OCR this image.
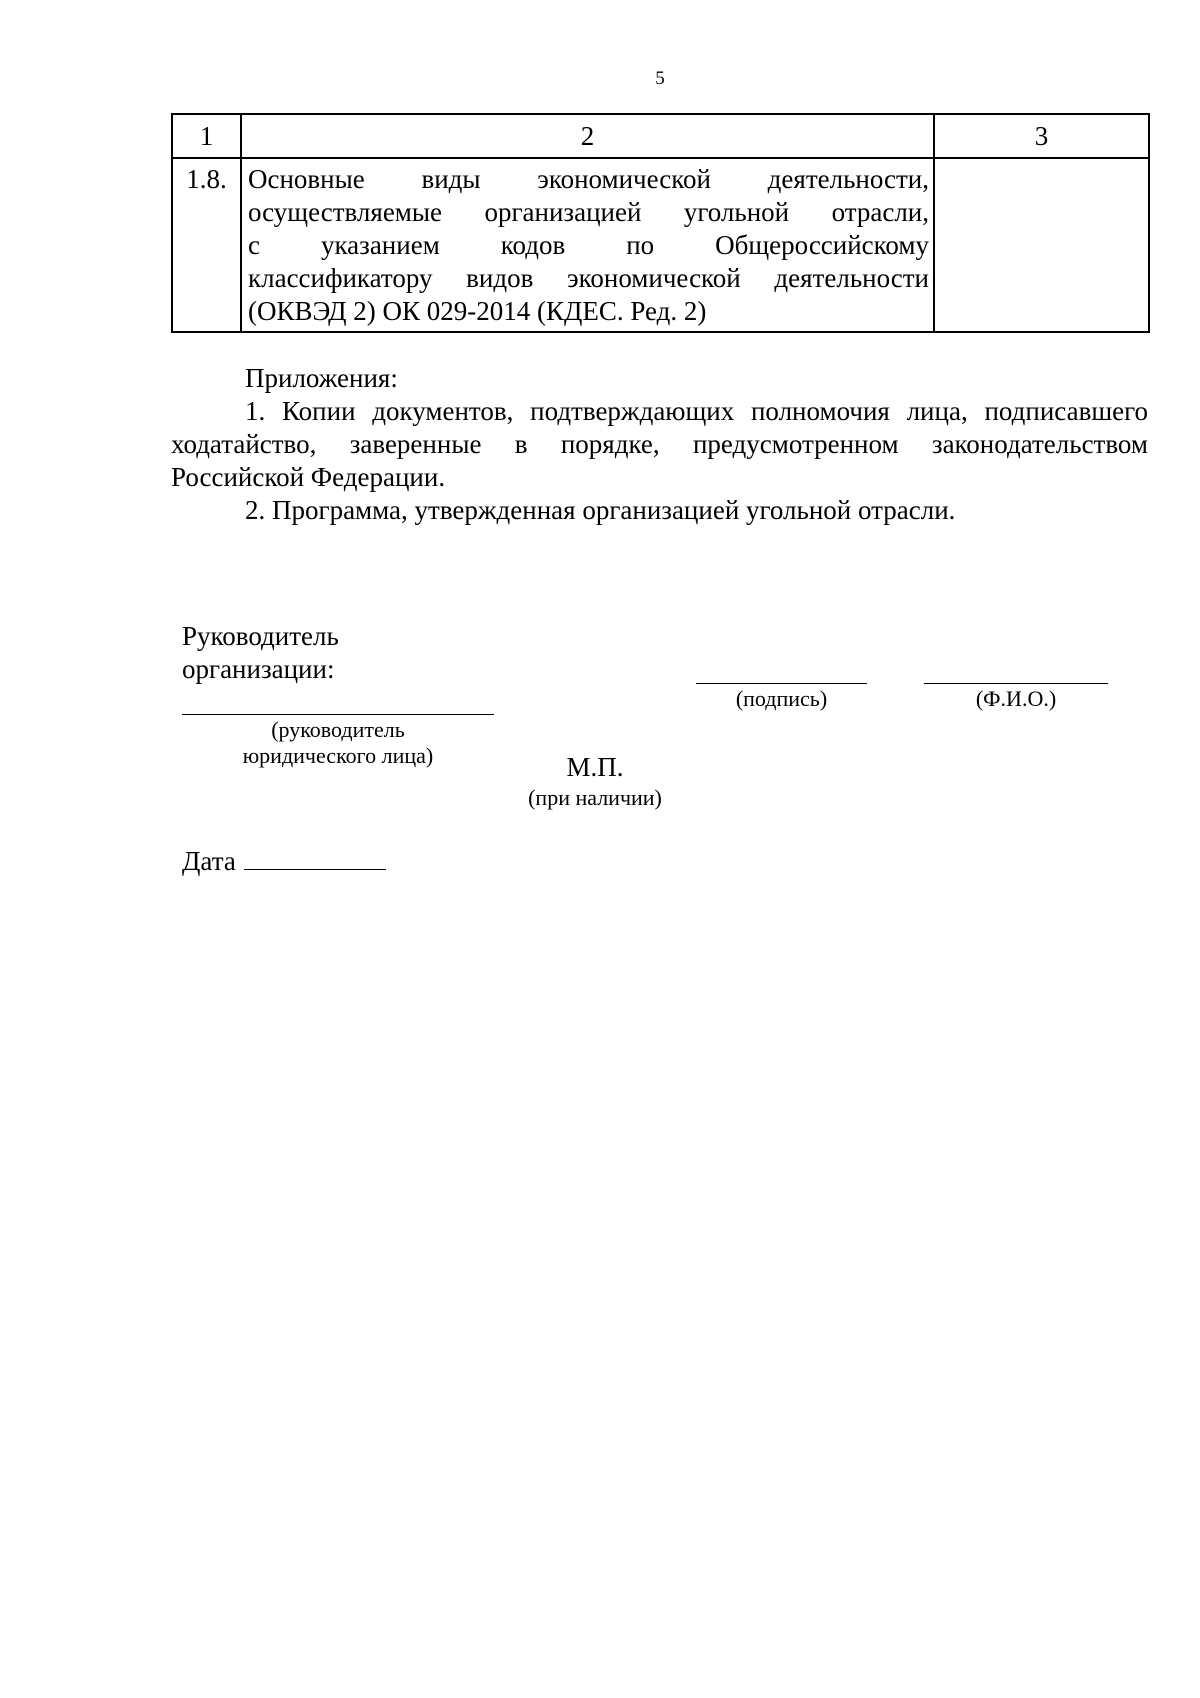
5
1	2	3
1.8.	Основные виды экономической деятельности,
осуществляемые организацией угольной отрасли,
с указанием кодов по Общероссийскому
классификатору видов экономической деятельности
(ОКВЭД 2) ОК 029-2014 (КДЕС. Ред. 2)	

Приложения:

1. Копии документов, подтверждающих полномочия лица, подписавшего ходатайство, заверенные в порядке, предусмотренном законодательством Российской Федерации.

2. Программа, утвержденная организацией угольной отрасли.

Руководитель
организации:
(руководитель
юридического лица)
(подпись)	(Ф.И.О.)
М.П.
(при наличии)
Дата
